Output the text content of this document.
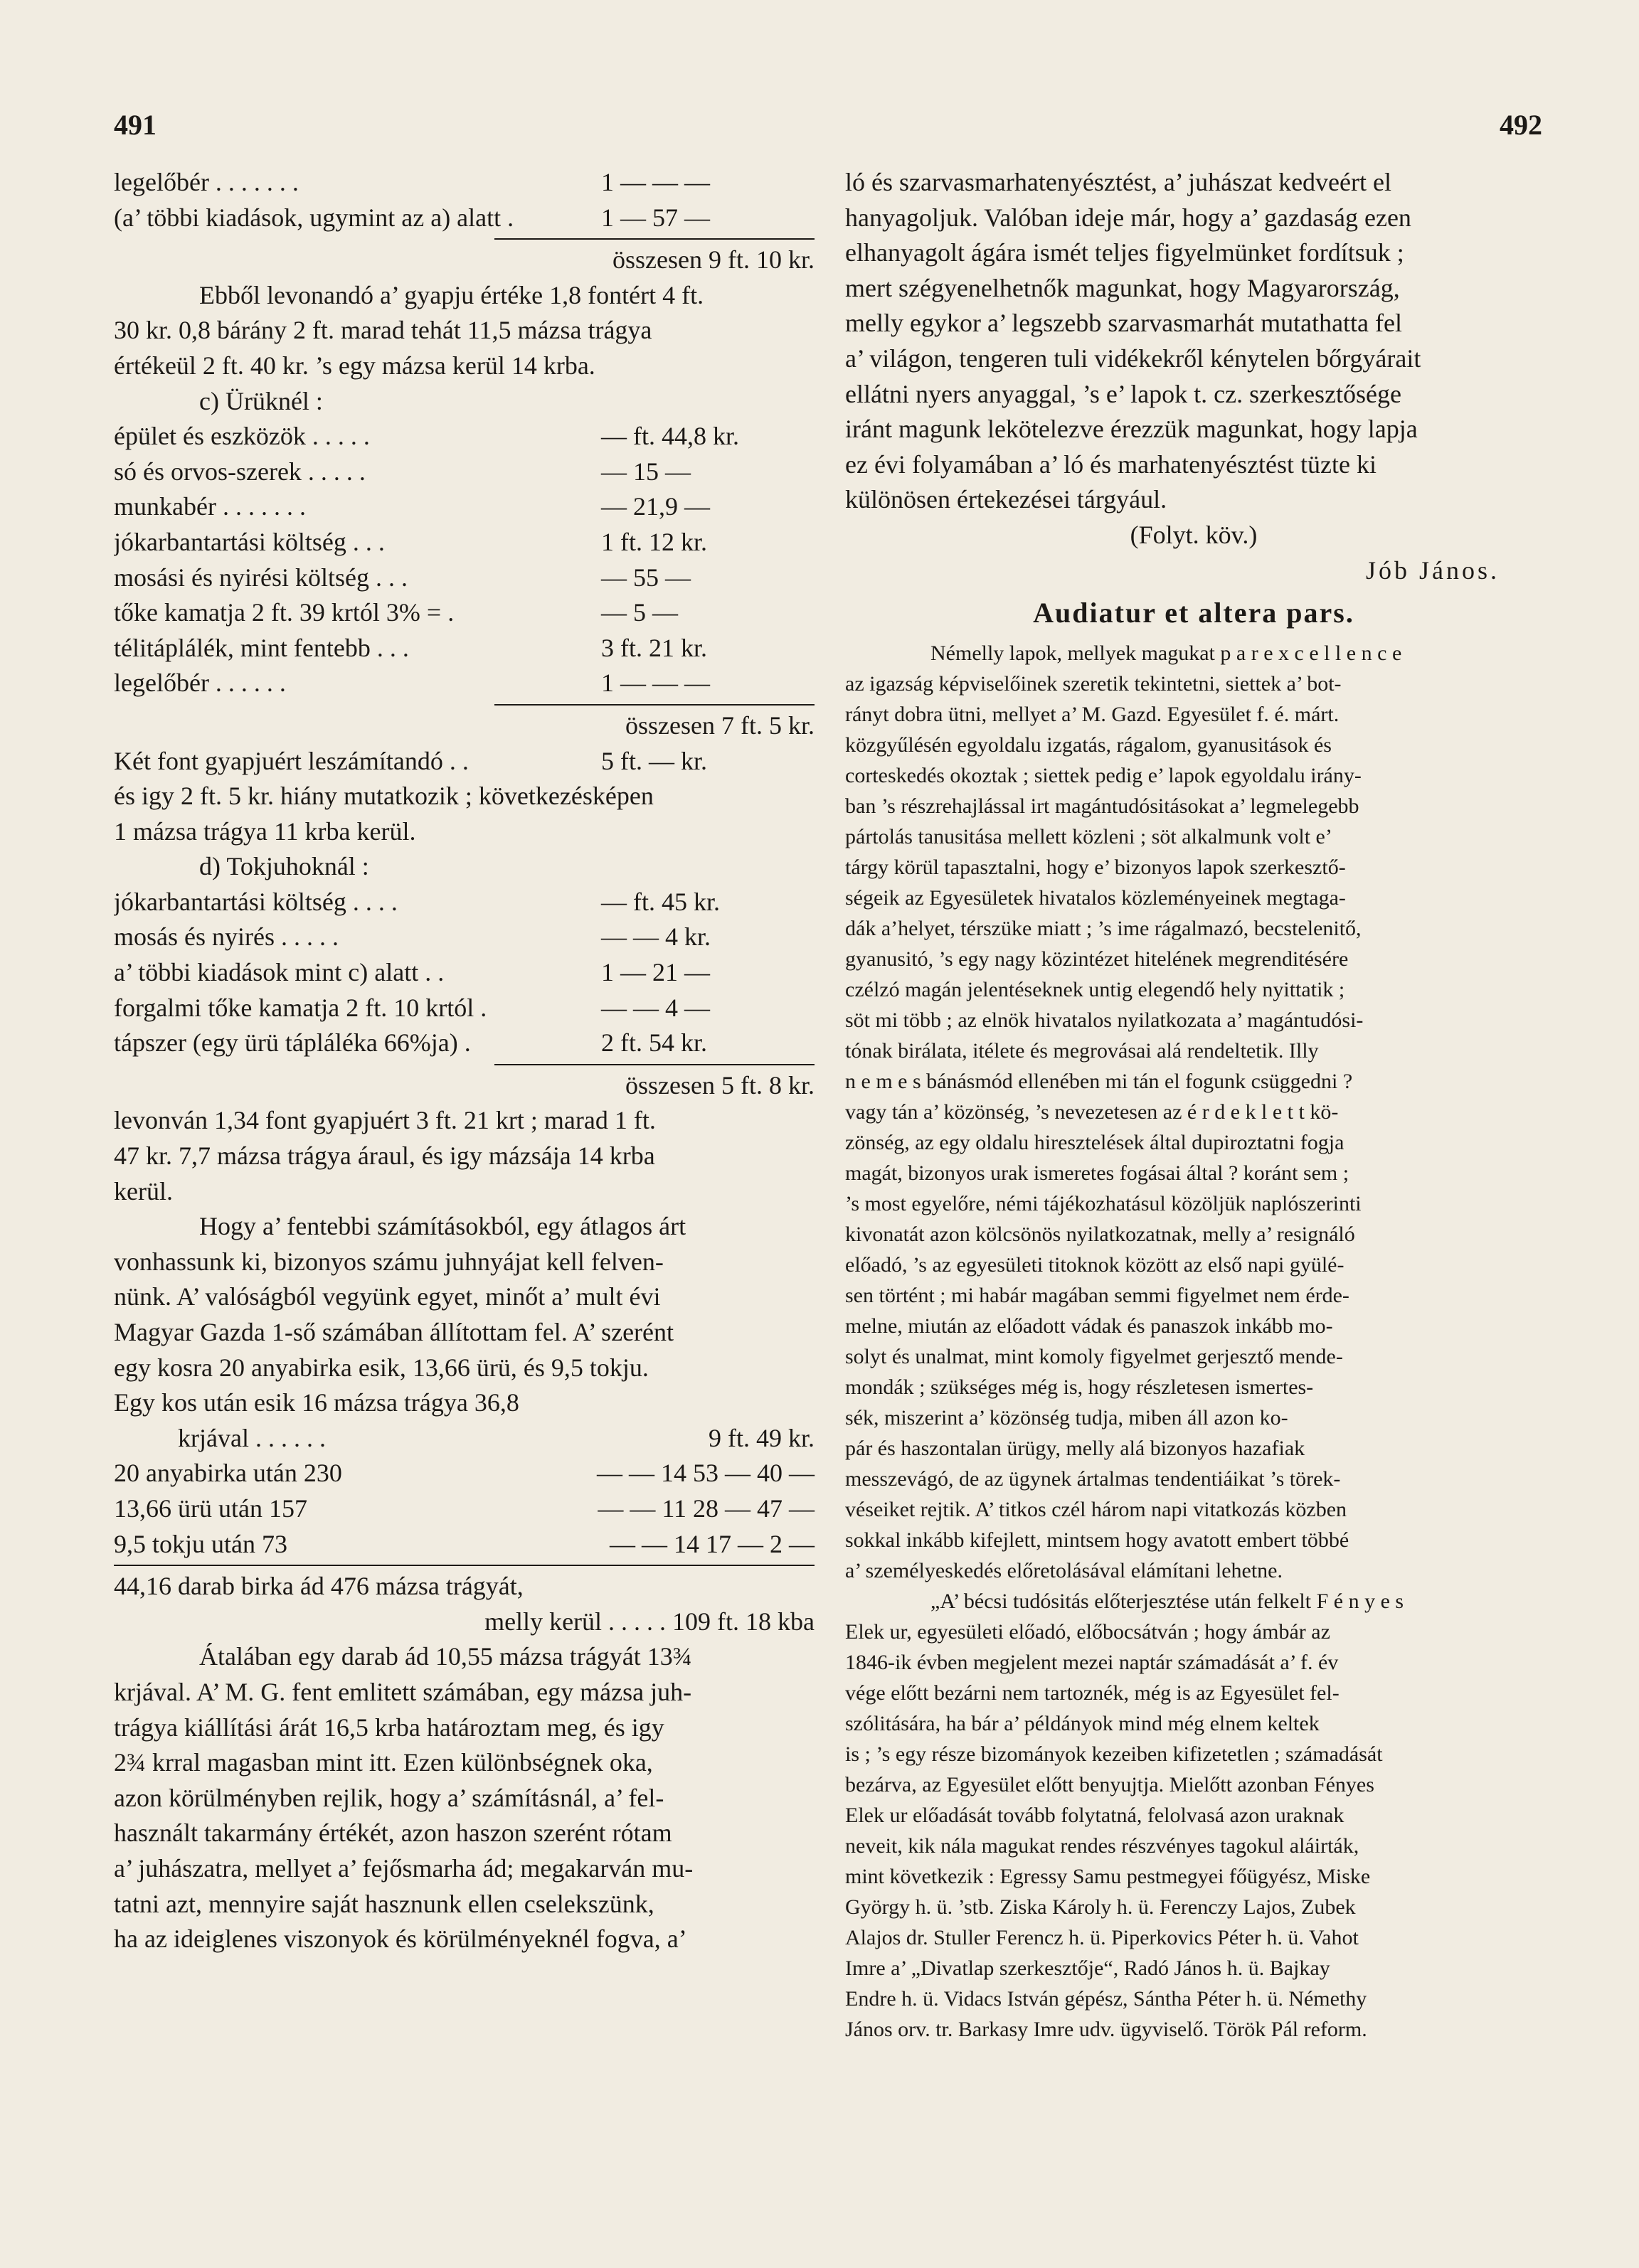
491	492
legelőbér . . . . . . .	1 — — —
(a’ többi kiadások, ugymint az a) alatt .	1 — 57 —
összesen 9 ft. 10 kr.
Ebből levonandó a’ gyapju értéke 1,8 fontért 4 ft.
30 kr. 0,8 bárány 2 ft. marad tehát 11,5 mázsa trágya
értékeül 2 ft. 40 kr. ’s egy mázsa kerül 14 krba.
c) Ürüknél :
épület és eszközök . . . . .	— ft. 44,8 kr.
só és orvos-szerek . . . . .	— 15 —
munkabér . . . . . . .	— 21,9 —
jókarbantartási költség . . .	1 ft. 12 kr.
mosási és nyirési költség . . .	— 55 —
tőke kamatja 2 ft. 39 krtól 3% = .	— 5 —
télitáplálék, mint fentebb . . .	3 ft. 21 kr.
legelőbér . . . . . .	1 — — —
összesen 7 ft. 5 kr.
Két font gyapjuért leszámítandó . .	5 ft. — kr.
és igy 2 ft. 5 kr. hiány mutatkozik ; következésképen
1 mázsa trágya 11 krba kerül.
d) Tokjuhoknál :
jókarbantartási költség . . . .	— ft. 45 kr.
mosás és nyirés . . . . .	— — 4 kr.
a’ többi kiadások mint c) alatt . .	1 — 21 —
forgalmi tőke kamatja 2 ft. 10 krtól .	— — 4 —
tápszer (egy ürü tápláléka 66%ja) .	2 ft. 54 kr.
összesen 5 ft. 8 kr.
levonván 1,34 font gyapjuért 3 ft. 21 krt ; marad 1 ft.
47 kr. 7,7 mázsa trágya áraul, és igy mázsája 14 krba
kerül.
Hogy a’ fentebbi számításokból, egy átlagos árt
vonhassunk ki, bizonyos számu juhnyájat kell felven-
nünk. A’ valóságból vegyünk egyet, minőt a’ mult évi
Magyar Gazda 1-ső számában állítottam fel. A’ szerént
egy kosra 20 anyabirka esik, 13,66 ürü, és 9,5 tokju.
Egy kos után esik 16 mázsa trágya 36,8
krjával . . . . . .	9 ft. 49 kr.
20 anyabirka után 230	— — 14 53 — 40 —
13,66 ürü után 157	— — 11 28 — 47 —
9,5 tokju után 73	— — 14 17 — 2 —
44,16 darab birka ád 476 mázsa trágyát,
melly kerül . . . . . 109 ft. 18 kba
Átalában egy darab ád 10,55 mázsa trágyát 13¾
krjával. A’ M. G. fent emlitett számában, egy mázsa juh-
trágya kiállítási árát 16,5 krba határoztam meg, és igy
2¾ krral magasban mint itt. Ezen különbségnek oka,
azon körülményben rejlik, hogy a’ számításnál, a’ fel-
használt takarmány értékét, azon haszon szerént rótam
a’ juhászatra, mellyet a’ fejősmarha ád; megakarván mu-
tatni azt, mennyire saját hasznunk ellen cselekszünk,
ha az ideiglenes viszonyok és körülményeknél fogva, a’
ló és szarvasmarhatenyésztést, a’ juhászat kedveért el
hanyagoljuk. Valóban ideje már, hogy a’ gazdaság ezen
elhanyagolt ágára ismét teljes figyelmünket fordítsuk ;
mert szégyenelhetnők magunkat, hogy Magyarország,
melly egykor a’ legszebb szarvasmarhát mutathatta fel
a’ világon, tengeren tuli vidékekről kénytelen bőrgyárait
ellátni nyers anyaggal, ’s e’ lapok t. cz. szerkesztősége
iránt magunk lekötelezve érezzük magunkat, hogy lapja
ez évi folyamában a’ ló és marhatenyésztést tüzte ki
különösen értekezései tárgyául.
(Folyt. köv.)
Jób János.
Audiatur et altera pars.
Némelly lapok, mellyek magukat p a r e x c e l l e n c e
az igazság képviselőinek szeretik tekintetni, siettek a’ bot-
rányt dobra ütni, mellyet a’ M. Gazd. Egyesület f. é. márt.
közgyűlésén egyoldalu izgatás, rágalom, gyanusitások és
corteskedés okoztak ; siettek pedig e’ lapok egyoldalu irány-
ban ’s részrehajlással irt magántudósitásokat a’ legmelegebb
pártolás tanusitása mellett közleni ; söt alkalmunk volt e’
tárgy körül tapasztalni, hogy e’ bizonyos lapok szerkesztő-
ségeik az Egyesületek hivatalos közleményeinek megtaga-
dák a’helyet, térszüke miatt ; ’s ime rágalmazó, becstelenitő,
gyanusitó, ’s egy nagy közintézet hitelének megrenditésére
czélzó magán jelentéseknek untig elegendő hely nyittatik ;
söt mi több ; az elnök hivatalos nyilatkozata a’ magántudósi-
tónak birálata, itélete és megrovásai alá rendeltetik. Illy
n e m e s bánásmód ellenében mi tán el fogunk csüggedni ?
vagy tán a’ közönség, ’s nevezetesen az é r d e k l e t t kö-
zönség, az egy oldalu hiresztelések által dupiroztatni fogja
magát, bizonyos urak ismeretes fogásai által ? koránt sem ;
’s most egyelőre, némi tájékozhatásul közöljük naplószerinti
kivonatát azon kölcsönös nyilatkozatnak, melly a’ resignáló
előadó, ’s az egyesületi titoknok között az első napi gyülé-
sen történt ; mi habár magában semmi figyelmet nem érde-
melne, miután az előadott vádak és panaszok inkább mo-
solyt és unalmat, mint komoly figyelmet gerjesztő mende-
mondák ; szükséges még is, hogy részletesen ismertes-
sék, miszerint a’ közönség tudja, miben áll azon ko-
pár és haszontalan ürügy, melly alá bizonyos hazafiak
messzevágó, de az ügynek ártalmas tendentiáikat ’s törek-
véseiket rejtik. A’ titkos czél három napi vitatkozás közben
sokkal inkább kifejlett, mintsem hogy avatott embert többé
a’ személyeskedés előretolásával elámítani lehetne.
„A’ bécsi tudósitás előterjesztése után felkelt F é n y e s
Elek ur, egyesületi előadó, előbocsátván ; hogy ámbár az
1846-ik évben megjelent mezei naptár számadását a’ f. év
vége előtt bezárni nem tartoznék, még is az Egyesület fel-
szólitására, ha bár a’ példányok mind még elnem keltek
is ; ’s egy része bizományok kezeiben kifizetetlen ; számadását
bezárva, az Egyesület előtt benyujtja. Mielőtt azonban Fényes
Elek ur előadását tovább folytatná, felolvasá azon uraknak
neveit, kik nála magukat rendes részvényes tagokul aláirták,
mint következik : Egressy Samu pestmegyei főügyész, Miske
György h. ü. ’stb. Ziska Károly h. ü. Ferenczy Lajos, Zubek
Alajos dr. Stuller Ferencz h. ü. Piperkovics Péter h. ü. Vahot
Imre a’ „Divatlap szerkesztője“, Radó János h. ü. Bajkay
Endre h. ü. Vidacs István gépész, Sántha Péter h. ü. Némethy
János orv. tr. Barkasy Imre udv. ügyviselő. Török Pál reform.
